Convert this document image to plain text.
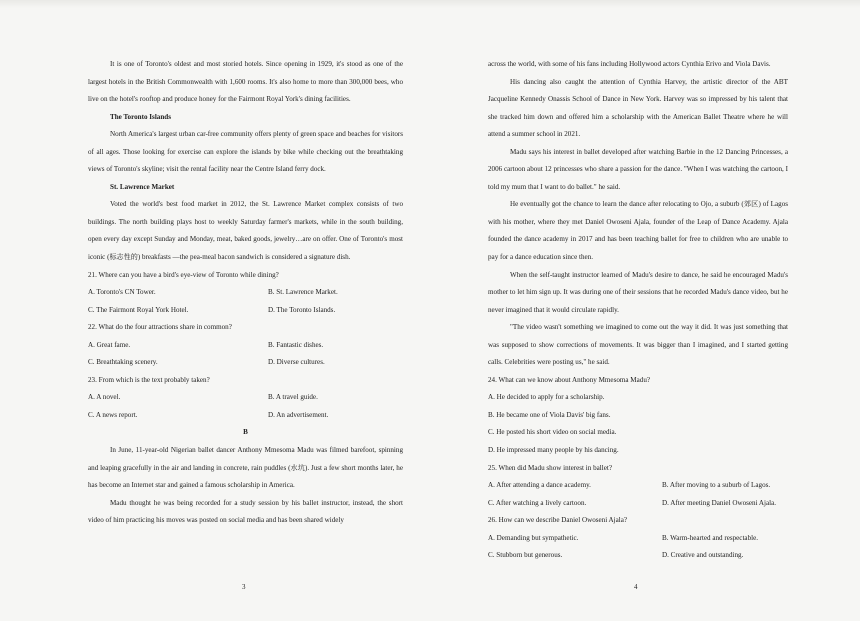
It is one of Toronto's oldest and most storied hotels. Since opening in 1929, it's stood as one of the largest hotels in the British Commonwealth with 1,600 rooms. It's also home to more than 300,000 bees, who live on the hotel's rooftop and produce honey for the Fairmont Royal York's dining facilities.
The Toronto Islands
North America's largest urban car-free community offers plenty of green space and beaches for visitors of all ages. Those looking for exercise can explore the islands by bike while checking out the breathtaking views of Toronto's skyline; visit the rental facility near the Centre Island ferry dock.
St. Lawrence Market
Voted the world's best food market in 2012, the St. Lawrence Market complex consists of two buildings. The north building plays host to weekly Saturday farmer's markets, while in the south building, open every day except Sunday and Monday, meat, baked goods, jewelry…are on offer. One of Toronto's most iconic (标志性的) breakfasts —the pea-meal bacon sandwich is considered a signature dish.
21. Where can you have a bird's eye-view of Toronto while dining?
A. Toronto's CN Tower.	B. St. Lawrence Market.
C. The Fairmont Royal York Hotel.	D. The Toronto Islands.
22. What do the four attractions share in common?
A. Great fame.	B. Fantastic dishes.
C. Breathtaking scenery.	D. Diverse cultures.
23. From which is the text probably taken?
A. A novel.	B. A travel guide.
C. A news report.	D. An advertisement.
B
In June, 11-year-old Nigerian ballet dancer Anthony Mmesoma Madu was filmed barefoot, spinning and leaping gracefully in the air and landing in concrete, rain puddles (水坑). Just a few short months later, he has become an Internet star and gained a famous scholarship in America.
Madu thought he was being recorded for a study session by his ballet instructor, instead, the short video of him practicing his moves was posted on social media and has been shared widely
3
across the world, with some of his fans including Hollywood actors Cynthia Erivo and Viola Davis.
His dancing also caught the attention of Cynthia Harvey, the artistic director of the ABT Jacqueline Kennedy Onassis School of Dance in New York. Harvey was so impressed by his talent that she tracked him down and offered him a scholarship with the American Ballet Theatre where he will attend a summer school in 2021.
Madu says his interest in ballet developed after watching Barbie in the 12 Dancing Princesses, a 2006 cartoon about 12 princesses who share a passion for the dance. "When I was watching the cartoon, I told my mum that I want to do ballet." he said.
He eventually got the chance to learn the dance after relocating to Ojo, a suburb (郊区) of Lagos with his mother, where they met Daniel Owoseni Ajala, founder of the Leap of Dance Academy. Ajala founded the dance academy in 2017 and has been teaching ballet for free to children who are unable to pay for a dance education since then.
When the self-taught instructor learned of Madu's desire to dance, he said he encouraged Madu's mother to let him sign up. It was during one of their sessions that he recorded Madu's dance video, but he never imagined that it would circulate rapidly.
"The video wasn't something we imagined to come out the way it did. It was just something that was supposed to show corrections of movements. It was bigger than I imagined, and I started getting calls. Celebrities were posting us," he said.
24. What can we know about Anthony Mmesoma Madu?
A. He decided to apply for a scholarship.
B. He became one of Viola Davis' big fans.
C. He posted his short video on social media.
D. He impressed many people by his dancing.
25. When did Madu show interest in ballet?
A. After attending a dance academy.	B. After moving to a suburb of Lagos.
C. After watching a lively cartoon.	D. After meeting Daniel Owoseni Ajala.
26. How can we describe Daniel Owoseni Ajala?
A. Demanding but sympathetic.	B. Warm-hearted and respectable.
C. Stubborn but generous.	D. Creative and outstanding.
4
